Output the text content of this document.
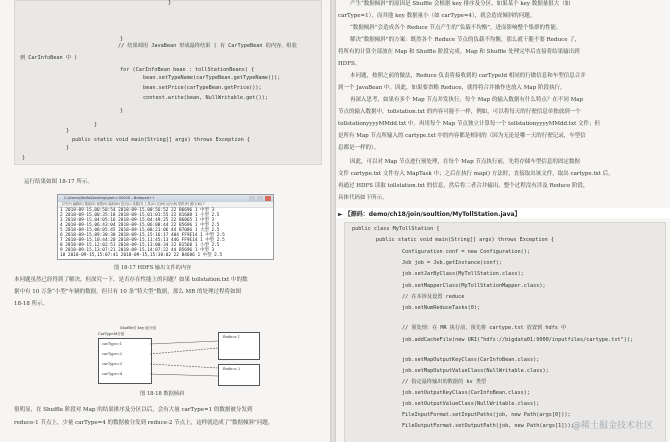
}
}
// 结果调用 JavaBean 形成最终结果 ( 有 CarTypeBean 的内容，组装
到 CarInfoBean 中 )
for (CarInfoBean bean : tollStationBeans) {
bean.setTypeName(carTypeBean.getTypeName());
bean.setPrice(carTypeBean.getPrice());
context.write(bean, NullWritable.get());
}
}
}
public static void main(String[] args) throws Exception {
}
}
运行结果如图 18-17 所示。
C:\Users\Wolfo\Desktop\part-r-00000 - Notepad++
文件(F) 编辑(E) 搜索(S) 视图(V) 编码(N) 语言(L) 设置(T) 工具(O) 宏(M) 运行(R) 插件(P) 窗口(W) ?
1 2018-09-15,00:50:54 2018-09-15,00:56:52 22 B6696 1 中型 3
2 2018-09-15,00:35:18 2018-09-15,01:01:55 22 B1688 1 小型 2.5
3 2018-09-15,04:05:16 2018-09-15,04:49:25 22 B6065 1 中型 3
4 2018-09-15,06:43:04 2018-09-15,06:08:44 22 B5696 1 中型 2.5
5 2018-09-15,08:05:45 2018-09-15,08:21:06 44 B7086 1 大型 2.5
6 2018-09-15,09:30:30 2018-09-15,15:16:17 404 FF9E14 1 中型 2.5
7 2018-09-15,10:44:20 2018-09-15,11:45:13 446 FF9E14 1 中型 2.5
8 2018-09-15,12:02:51 2018-09-15,13:00:34 22 B1568 1 小型 2.5
9 2018-09-15,13:07:21 2018-09-15,14:07:22 44 B5696 1 中型 3
10 2018-09-15,15:07:41 2018-09-15,15:30:02 22 B4686 1 中型 2.5
图 18-17 HDFS 输出文件的内容
本问题虽然已经得到了解决，但深究一下，是否存在性能上的问题？如果 tollstation.txt 中的数
据中有 10 万条“小型”车辆的数据，但只有 10 条“特大型”数据，那么 MR 的处理过程将如图
18-18 所示。
Shuffle后 key 值分组
CarTypeId分组
carType=1
carType=2
carType=3
carType=4
Reduce 1
Reduce 2
图 18-18 数据倾斜
很明显，在 Shuffle 阶段对 Map 的结果排序及分区以后，会有大量 carType=1 的数据被分发到
reduce-1 节点上，少量 carType=4 的数据被分发到 reduce-2 节点上，这样就造成了“数据倾斜”问题。
产生“数据倾斜”的原因是 Shuffle 会根据 key 排序及分区，如果某个 key 数据量很大（如
carType=1），而其他 key 数据量小（如 carType=4），就会造成倾斜的问题。
“数据倾斜”会造成各个 Reduce 节点产生的“负载不均衡”，进而影响整个集群的性能。
解决“数据倾斜”的方案：既然各个 Reduce 节点的负载不均衡，那么就干脆不要 Reduce 了，
将所有的计算全部放在 Map 和 Shuffle 阶段完成。Map 和 Shuffle 处理完毕后直接将结果输出到
HDFS。
本问题，按照之前的做法，Reduce 负责将接收到的 carTypeId 相同的行做信息和车型信息合并
到一个 JavaBean 中。因此，如果要省略 Reduce，就得将合并操作也放入 Map 阶段执行。
再深入思考，如果有多个 Map 节点并发执行，每个 Map 的输入数据有什么特点？在不同 Map
节点的输入数据中，tollstation.txt 的内容可能不一样，例如，可以将每天的行驶信息单独放到一个
tollstationyyyyMMdd.txt 中。再用每个 Map 节点独立计算每一个 tollstationyyyyMMdd.txt 文件；但
是所有 Map 节点所输入的 cartype.txt 中的内容都是相同的（因为无论是哪一天的行驶记录，车型信
息都是一样的）。
因此，可以对 Map 节点进行预处理，在每个 Map 节点执行前，先将存储车型信息的固定数据
文件 cartype.txt 文件存入 MapTask 中；之后在执行 map() 方法时，直接取出该文件，取出 cartype.txt 后，
再通过 HDFS 读取 tollstation.txt 的信息，然后将二者合并输出。整个过程没有涉及 Reduce 阶段，
具体代码如下所示。
► 【源码：demo/ch18/join/soultion/MyTollStation.java】
public class MyTollStation {
public static void main(String[] args) throws Exception {
Configuration conf = new Configuration();
Job job = Job.getInstance(conf);
job.setJarByClass(MyTollStation.class);
job.setMapperClass(MyTollStationMapper.class);
// 在本涉及设置 reduce
job.setNumReduceTasks(0);
// 预处理：在 MR 执行前，预先将 cartype.txt 放置到 hdfs 中
job.addCacheFile(new URI("hdfs://bigdata01:9000/inputfiles/cartype.txt"));
job.setMapOutputKeyClass(CarInfoBean.class);
job.setMapOutputValueClass(NullWritable.class);
// 指定最终输出的数据的 kv 类型
job.setOutputKeyClass(CarInfoBean.class);
job.setOutputValueClass(NullWritable.class);
FileInputFormat.setInputPaths(job, new Path(args[0]));
FileOutputFormat.setOutputPath(job, new Path(args[1]));
@稀土掘金技术社区
